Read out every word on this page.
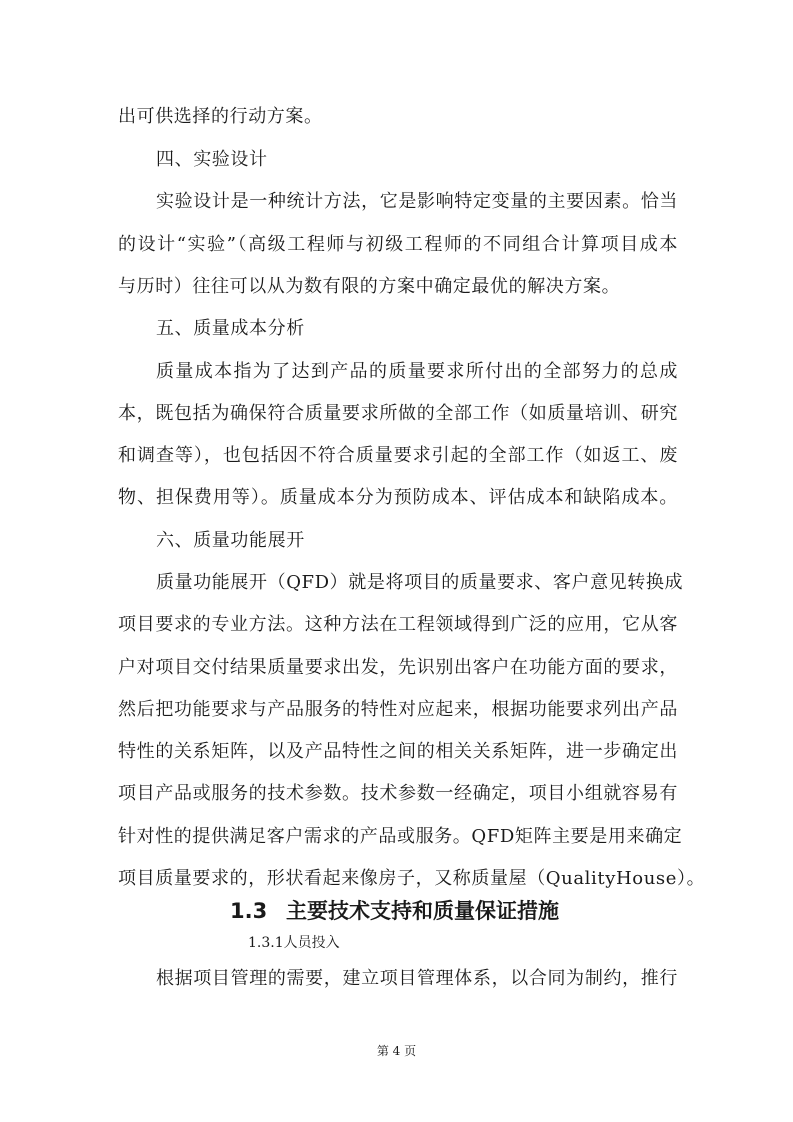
出可供选择的行动方案。
四、实验设计
实验设计是一种统计方法，它是影响特定变量的主要因素。恰当
的设计“实验”（高级工程师与初级工程师的不同组合计算项目成本
与历时）往往可以从为数有限的方案中确定最优的解决方案。
五、质量成本分析
质量成本指为了达到产品的质量要求所付出的全部努力的总成
本，既包括为确保符合质量要求所做的全部工作（如质量培训、研究
和调查等），也包括因不符合质量要求引起的全部工作（如返工、废
物、担保费用等）。质量成本分为预防成本、评估成本和缺陷成本。
六、质量功能展开
质量功能展开（QFD）就是将项目的质量要求、客户意见转换成
项目要求的专业方法。这种方法在工程领域得到广泛的应用，它从客
户对项目交付结果质量要求出发，先识别出客户在功能方面的要求，
然后把功能要求与产品服务的特性对应起来，根据功能要求列出产品
特性的关系矩阵，以及产品特性之间的相关关系矩阵，进一步确定出
项目产品或服务的技术参数。技术参数一经确定，项目小组就容易有
针对性的提供满足客户需求的产品或服务。QFD矩阵主要是用来确定
项目质量要求的，形状看起来像房子，又称质量屋（QualityHouse）。
1.3 主要技术支持和质量保证措施
1.3.1人员投入
根据项目管理的需要，建立项目管理体系，以合同为制约，推行
第 4 页
